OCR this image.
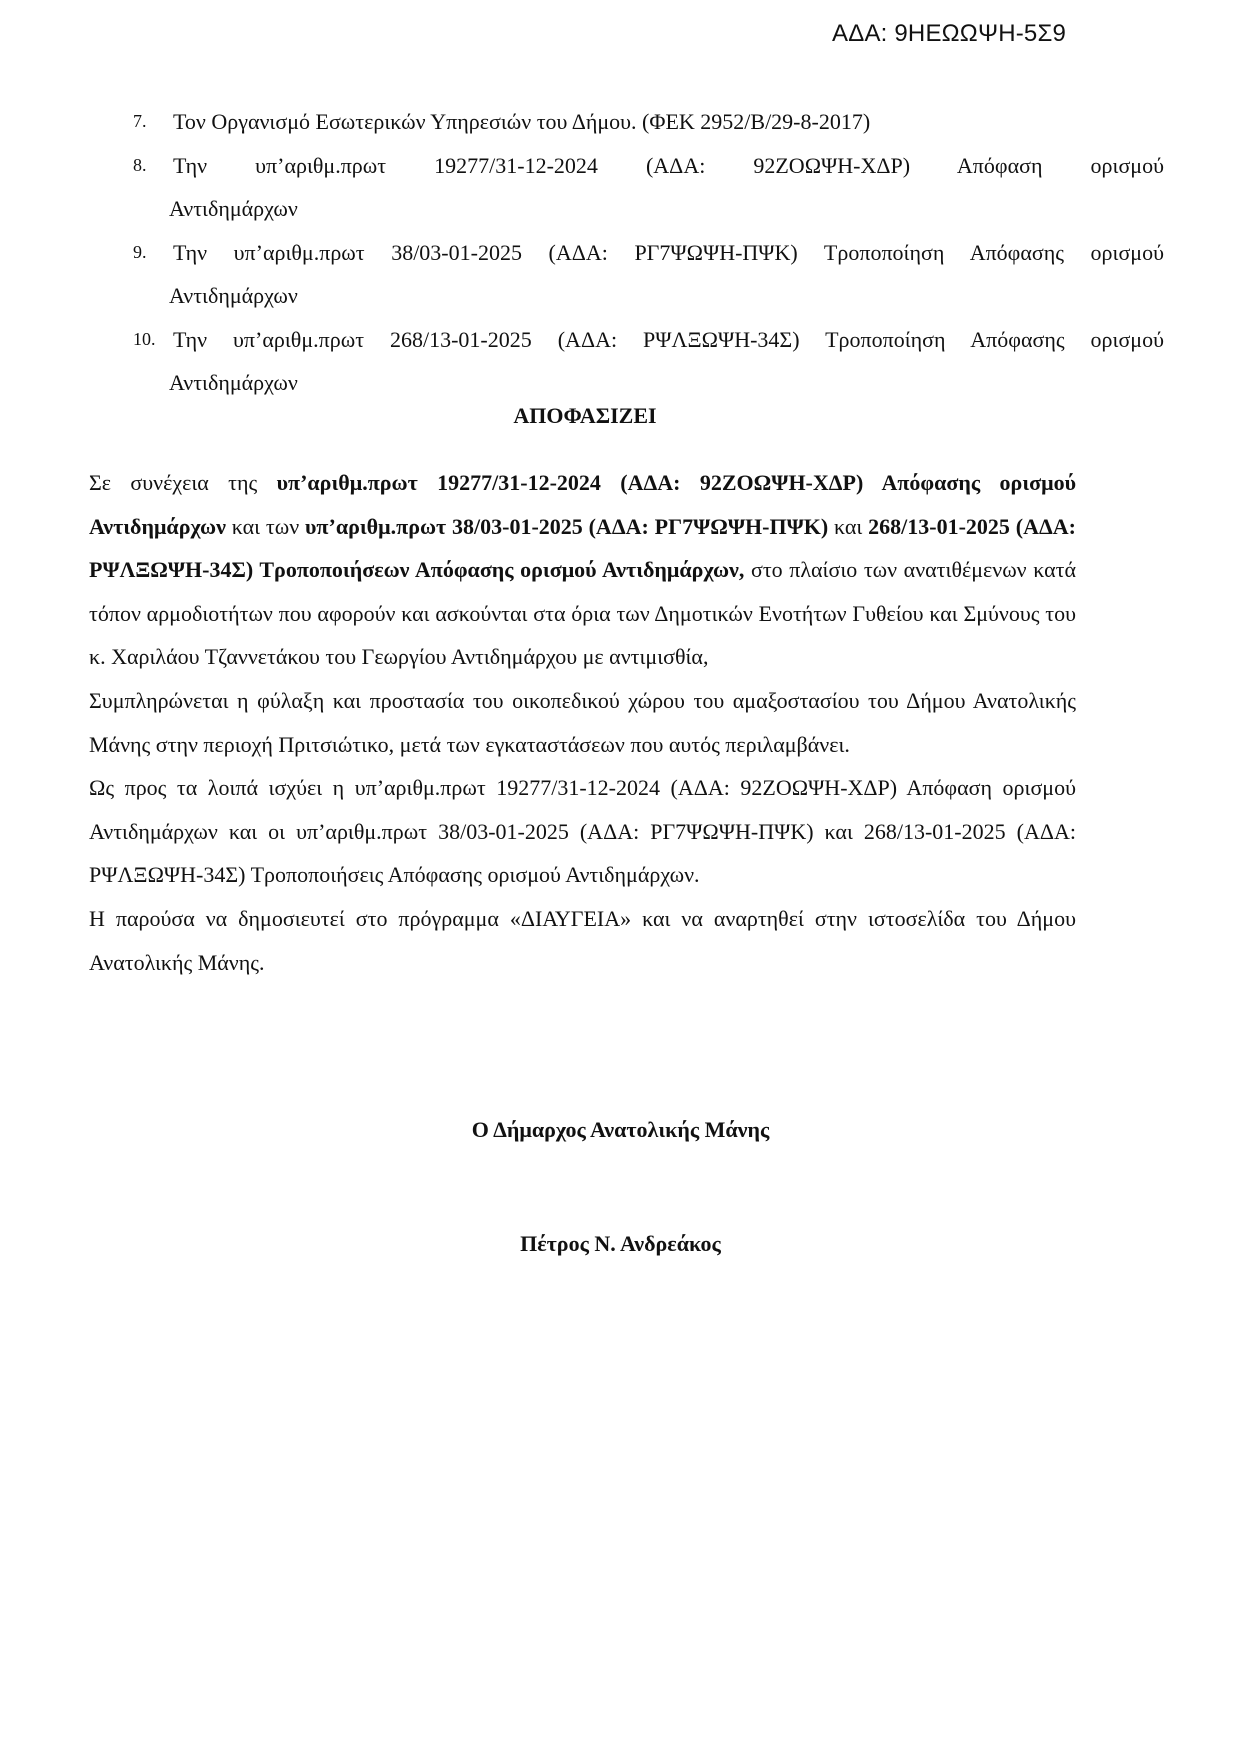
ΑΔΑ: 9ΗΕΩΩΨΗ-5Σ9
7. Τον Οργανισμό Εσωτερικών Υπηρεσιών του Δήμου. (ΦΕΚ 2952/Β/29-8-2017)
8. Την υπ’αριθμ.πρωτ 19277/31-12-2024 (ΑΔΑ: 92ΖΟΩΨΗ-ΧΔΡ) Απόφαση ορισμού
Αντιδημάρχων
9. Την υπ’αριθμ.πρωτ 38/03-01-2025 (ΑΔΑ: ΡΓ7ΨΩΨΗ-ΠΨΚ) Τροποποίηση Απόφασης ορισμού
Αντιδημάρχων
10. Την υπ’αριθμ.πρωτ 268/13-01-2025 (ΑΔΑ: ΡΨΛΞΩΨΗ-34Σ) Τροποποίηση Απόφασης ορισμού
Αντιδημάρχων
ΑΠΟΦΑΣΙΖΕΙ

Σε συνέχεια της υπ’αριθμ.πρωτ 19277/31-12-2024 (ΑΔΑ: 92ΖΟΩΨΗ-ΧΔΡ) Απόφασης ορισμού Αντιδημάρχων και των υπ’αριθμ.πρωτ 38/03-01-2025 (ΑΔΑ: ΡΓ7ΨΩΨΗ-ΠΨΚ) και 268/13-01-2025 (ΑΔΑ: ΡΨΛΞΩΨΗ-34Σ) Τροποποιήσεων Απόφασης ορισμού Αντιδημάρχων, στο πλαίσιο των ανατιθέμενων κατά τόπον αρμοδιοτήτων που αφορούν και ασκούνται στα όρια των Δημοτικών Ενοτήτων Γυθείου και Σμύνους του κ. Χαριλάου Τζαννετάκου του Γεωργίου Αντιδημάρχου με αντιμισθία,

Συμπληρώνεται η φύλαξη και προστασία του οικοπεδικού χώρου του αμαξοστασίου του Δήμου Ανατολικής Μάνης στην περιοχή Πριτσιώτικο, μετά των εγκαταστάσεων που αυτός περιλαμβάνει.

Ως προς τα λοιπά ισχύει η υπ’αριθμ.πρωτ 19277/31-12-2024 (ΑΔΑ: 92ΖΟΩΨΗ-ΧΔΡ) Απόφαση ορισμού Αντιδημάρχων και οι υπ’αριθμ.πρωτ 38/03-01-2025 (ΑΔΑ: ΡΓ7ΨΩΨΗ-ΠΨΚ) και 268/13-01-2025 (ΑΔΑ: ΡΨΛΞΩΨΗ-34Σ) Τροποποιήσεις Απόφασης ορισμού Αντιδημάρχων.

Η παρούσα να δημοσιευτεί στο πρόγραμμα «ΔΙΑΥΓΕΙΑ» και να αναρτηθεί στην ιστοσελίδα του Δήμου Ανατολικής Μάνης.

Ο Δήμαρχος Ανατολικής Μάνης
Πέτρος Ν. Ανδρεάκος
